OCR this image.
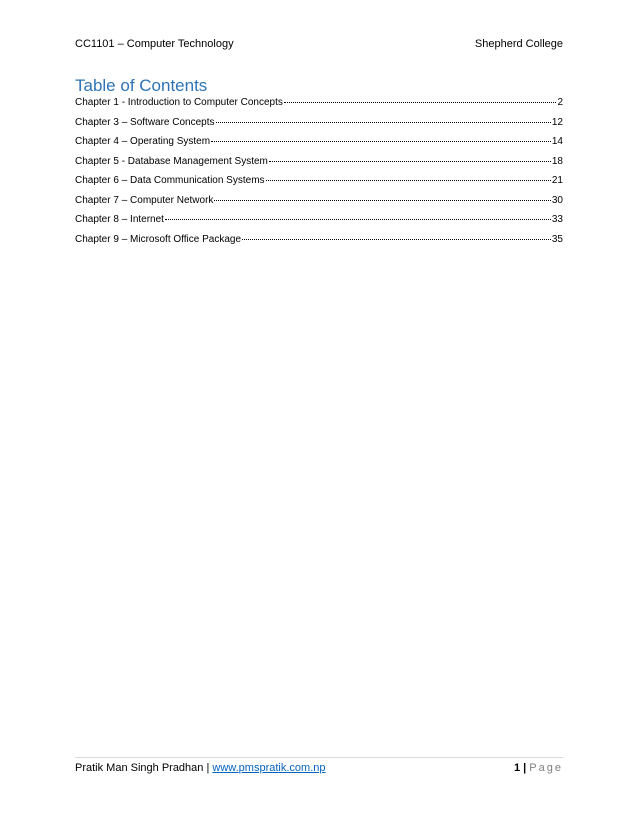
CC1101 – Computer Technology	Shepherd College
Table of Contents
Chapter 1 - Introduction to Computer Concepts	2
Chapter 3 – Software Concepts	12
Chapter 4 – Operating System	14
Chapter 5 - Database Management System	18
Chapter 6 – Data Communication Systems	21
Chapter 7 – Computer Network	30
Chapter 8 – Internet	33
Chapter 9 – Microsoft Office Package	35
Pratik Man Singh Pradhan | www.pmspratik.com.np	1 | Page
